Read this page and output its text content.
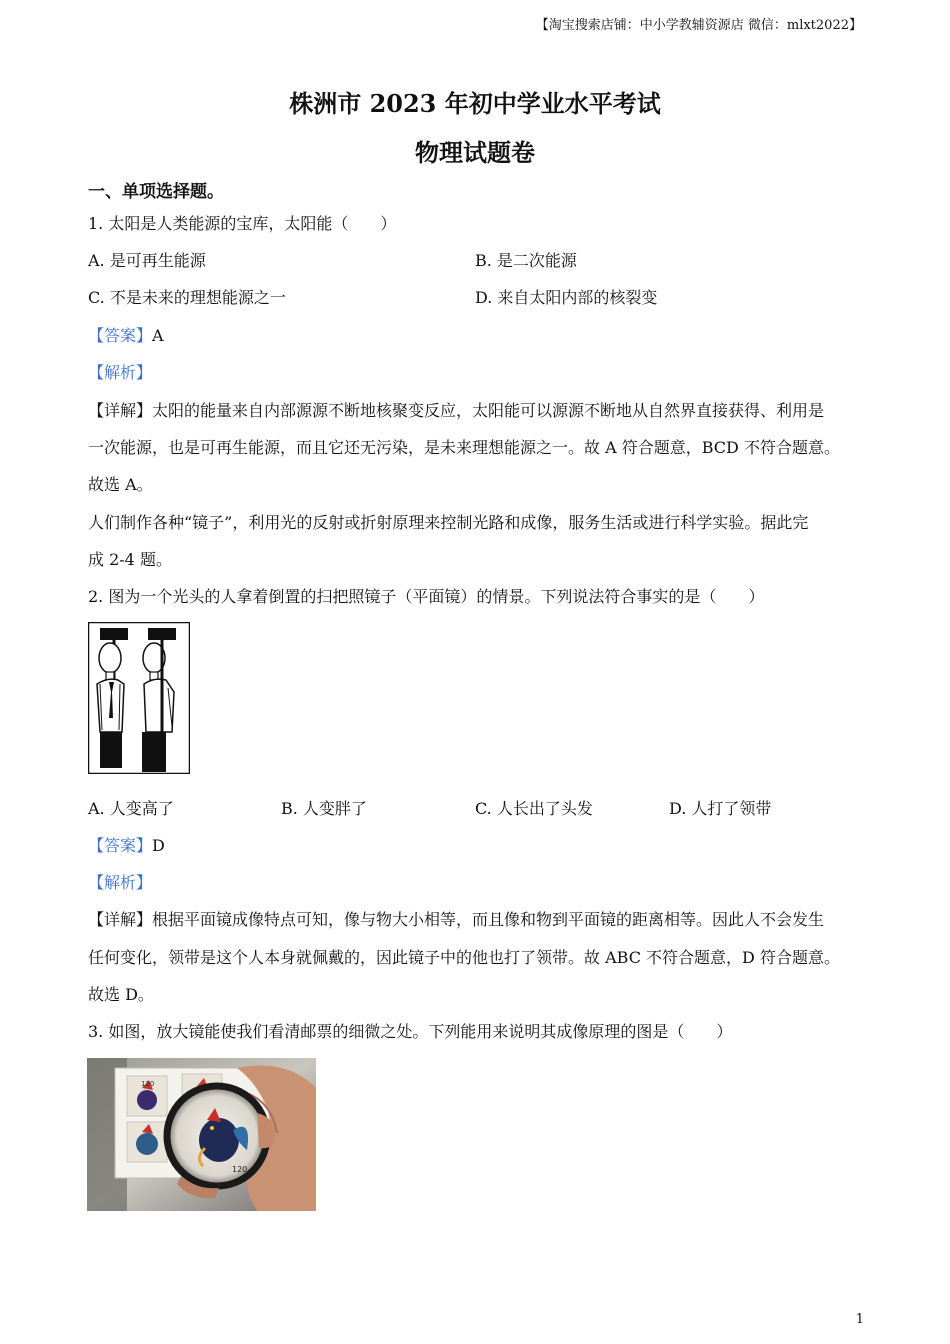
【淘宝搜索店铺：中小学教辅资源店 微信：mlxt2022】
株洲市 2023 年初中学业水平考试
物理试题卷
一、单项选择题。
1. 太阳是人类能源的宝库，太阳能（　　）
A. 是可再生能源	B. 是二次能源
C. 不是未来的理想能源之一	D. 来自太阳内部的核裂变
【答案】A
【解析】
【详解】太阳的能量来自内部源源不断地核聚变反应，太阳能可以源源不断地从自然界直接获得、利用是
一次能源，也是可再生能源，而且它还无污染，是未来理想能源之一。故 A 符合题意，BCD 不符合题意。
故选 A。
人们制作各种“镜子”，利用光的反射或折射原理来控制光路和成像，服务生活或进行科学实验。据此完
成 2-4 题。
2. 图为一个光头的人拿着倒置的扫把照镜子（平面镜）的情景。下列说法符合事实的是（　　）
A. 人变高了	B. 人变胖了	C. 人长出了头发	D. 人打了领带
【答案】D
【解析】
【详解】根据平面镜成像特点可知，像与物大小相等，而且像和物到平面镜的距离相等。因此人不会发生
任何变化，领带是这个人本身就佩戴的，因此镜子中的他也打了领带。故 ABC 不符合题意，D 符合题意。
故选 D。
3. 如图，放大镜能使我们看清邮票的细微之处。下列能用来说明其成像原理的图是（　　）
120
120
1
